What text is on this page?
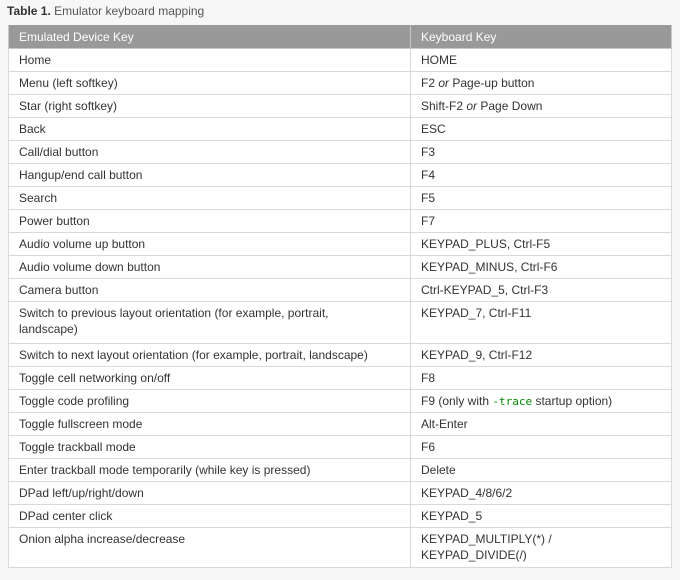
Table 1. Emulator keyboard mapping
Emulated Device Key	Keyboard Key
Home	HOME
Menu (left softkey)	F2 or Page-up button
Star (right softkey)	Shift-F2 or Page Down
Back	ESC
Call/dial button	F3
Hangup/end call button	F4
Search	F5
Power button	F7
Audio volume up button	KEYPAD_PLUS, Ctrl-F5
Audio volume down button	KEYPAD_MINUS, Ctrl-F6
Camera button	Ctrl-KEYPAD_5, Ctrl-F3
Switch to previous layout orientation (for example, portrait,
landscape)	KEYPAD_7, Ctrl-F11
Switch to next layout orientation (for example, portrait, landscape)	KEYPAD_9, Ctrl-F12
Toggle cell networking on/off	F8
Toggle code profiling	F9 (only with -trace startup option)
Toggle fullscreen mode	Alt-Enter
Toggle trackball mode	F6
Enter trackball mode temporarily (while key is pressed)	Delete
DPad left/up/right/down	KEYPAD_4/8/6/2
DPad center click	KEYPAD_5
Onion alpha increase/decrease	KEYPAD_MULTIPLY(*) /
KEYPAD_DIVIDE(/)
